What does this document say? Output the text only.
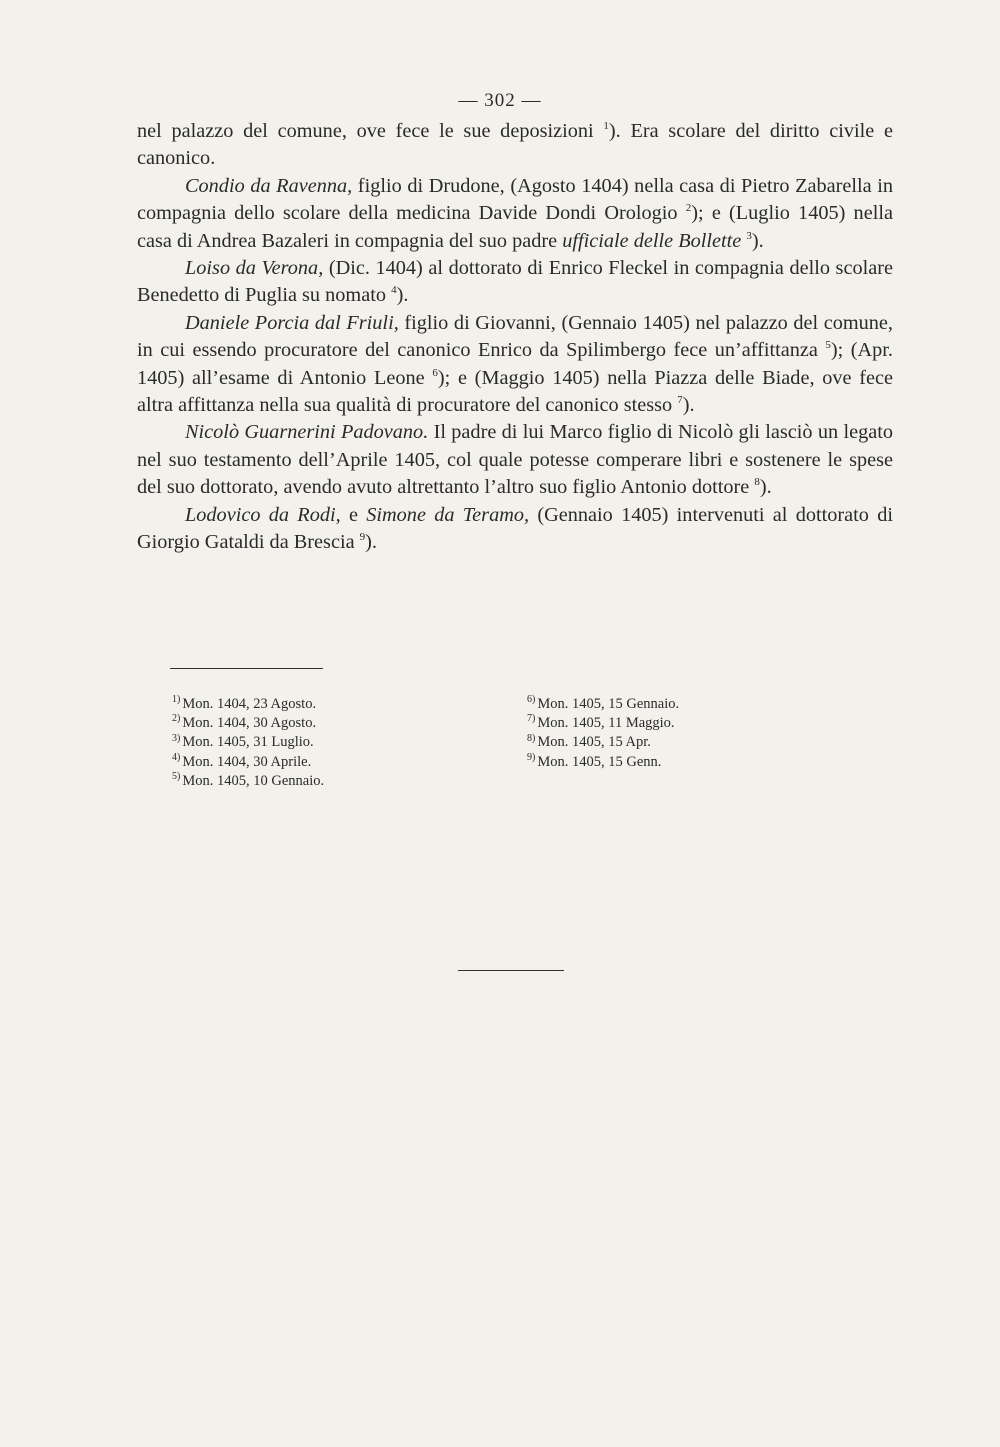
— 302 —

nel palazzo del comune, ove fece le sue deposizioni $^1$). Era scolare del diritto civile e canonico.

Condio da Ravenna, figlio di Drudone, (Agosto 1404) nella casa di Pietro Zabarella in compagnia dello scolare della medicina Davide Dondi Orologio $^2$); e (Luglio 1405) nella casa di Andrea Bazaleri in compagnia del suo padre ufficiale delle Bollette $^3$).

Loiso da Verona, (Dic. 1404) al dottorato di Enrico Fleckel in compagnia dello scolare Benedetto di Puglia su nomato $^4$).

Daniele Porcia dal Friuli, figlio di Giovanni, (Gennaio 1405) nel palazzo del comune, in cui essendo procuratore del canonico Enrico da Spilimbergo fece un’affittanza $^5$); (Apr. 1405) all’esame di Antonio Leone $^6$); e (Maggio 1405) nella Piazza delle Biade, ove fece altra affittanza nella sua qualità di procuratore del canonico stesso $^7$).

Nicolò Guarnerini Padovano. Il padre di lui Marco figlio di Nicolò gli lasciò un legato nel suo testamento dell’Aprile 1405, col quale potesse comperare libri e sostenere le spese del suo dottorato, avendo avuto altrettanto l’altro suo figlio Antonio dottore $^8$).

Lodovico da Rodi, e Simone da Teramo, (Gennaio 1405) intervenuti al dottorato di Giorgio Gataldi da Brescia $^9$).

$^{1)}$ Mon. 1404, 23 Agosto.
$^{2)}$ Mon. 1404, 30 Agosto.
$^{3)}$ Mon. 1405, 31 Luglio.
$^{4)}$ Mon. 1404, 30 Aprile.
$^{5)}$ Mon. 1405, 10 Gennaio.
$^{6)}$ Mon. 1405, 15 Gennaio.
$^{7)}$ Mon. 1405, 11 Maggio.
$^{8)}$ Mon. 1405, 15 Apr.
$^{9)}$ Mon. 1405, 15 Genn.
